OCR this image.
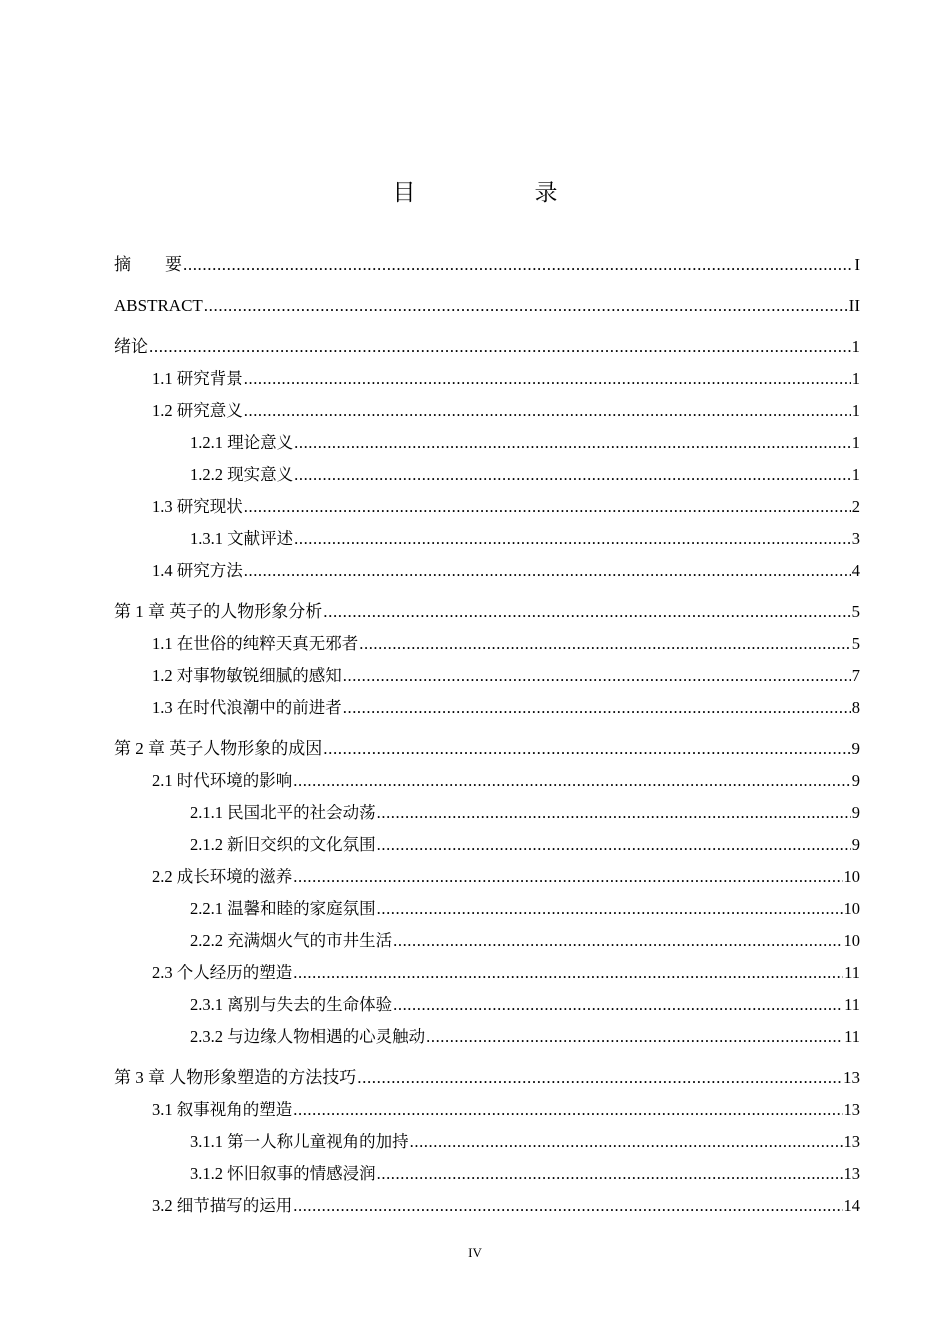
目　录
摘　　要 .....	I
ABSTRACT .....	II
绪论 .....	1
1.1 研究背景 .....	1
1.2 研究意义 .....	1
1.2.1 理论意义 .....	1
1.2.2 现实意义 .....	1
1.3 研究现状 .....	2
1.3.1 文献评述 .....	3
1.4 研究方法 .....	4
第 1 章 英子的人物形象分析 .....	5
1.1 在世俗的纯粹天真无邪者 .....	5
1.2 对事物敏锐细腻的感知 .....	7
1.3 在时代浪潮中的前进者 .....	8
第 2 章 英子人物形象的成因 .....	9
2.1 时代环境的影响 .....	9
2.1.1 民国北平的社会动荡 .....	9
2.1.2 新旧交织的文化氛围 .....	9
2.2 成长环境的滋养 .....	10
2.2.1 温馨和睦的家庭氛围 .....	10
2.2.2 充满烟火气的市井生活 .....	10
2.3 个人经历的塑造 .....	11
2.3.1 离别与失去的生命体验 .....	11
2.3.2 与边缘人物相遇的心灵触动 .....	11
第 3 章 人物形象塑造的方法技巧 .....	13
3.1 叙事视角的塑造 .....	13
3.1.1 第一人称儿童视角的加持 .....	13
3.1.2 怀旧叙事的情感浸润 .....	13
3.2 细节描写的运用 .....	14
IV
